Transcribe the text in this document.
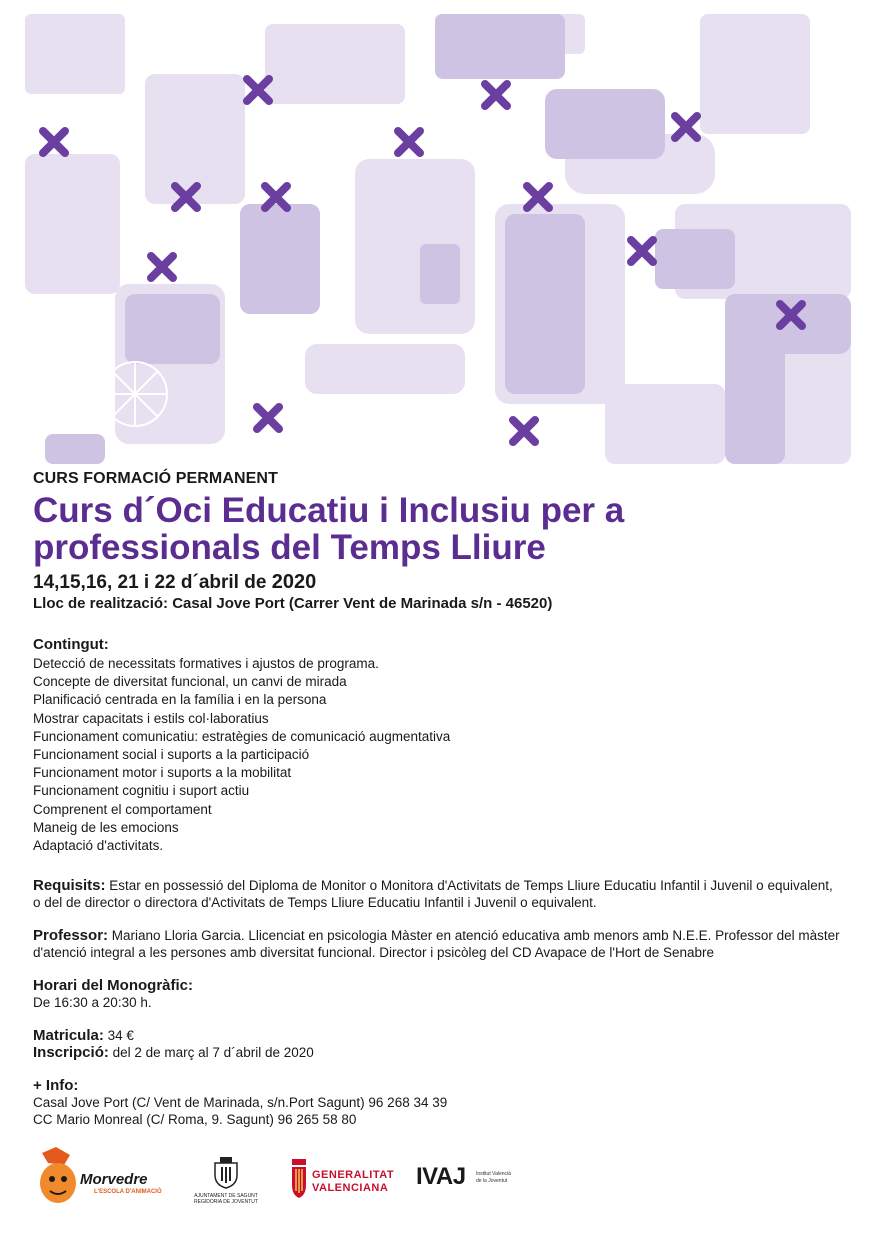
CURS FORMACIÓ PERMANENT

Curs d´Oci Educatiu i Inclusiu per a
professionals del Temps Lliure
14,15,16, 21 i 22 d´abril de 2020
Lloc de realització: Casal Jove Port (Carrer Vent de Marinada s/n - 46520)
Contingut:
Detecció de necessitats formatives i ajustos de programa.
Concepte de diversitat funcional, un canvi de mirada
Planificació centrada en la família i en la persona
Mostrar capacitats i estils col·laboratius
Funcionament comunicatiu: estratègies de comunicació augmentativa
Funcionament social i suports a la participació
Funcionament motor i suports a la mobilitat
Funcionament cognitiu i suport actiu
Comprenent el comportament
Maneig de les emocions
Adaptació d'activitats.
Requisits: Estar en possessió del Diploma de Monitor o Monitora d'Activitats de Temps Lliure Educatiu Infantil i Juvenil o equivalent, o del de director o directora d'Activitats de Temps Lliure Educatiu Infantil i Juvenil o equivalent.
Professor: Mariano Lloria Garcia. Llicenciat en psicologia Màster en atenció educativa amb menors amb N.E.E. Professor del màster d'atenció integral a les persones amb diversitat funcional. Director i psicòleg del CD Avapace de l'Hort de Senabre
Horari del Monogràfic:
De 16:30 a 20:30 h.
Matricula: 34 €
Inscripció: del 2 de març al 7 d´abril de 2020
+ Info:
Casal Jove Port (C/ Vent de Marinada, s/n.Port Sagunt) 96 268 34 39
CC Mario Monreal (C/ Roma, 9. Sagunt) 96 265 58 80
Morvedre
L'ESCOLA D'ANIMACIÓ
AJUNTAMENT DE SAGUNT
REGIDORIA DE JOVENTUT
GENERALITAT
VALENCIANA IVAJ Institut Valencià
de la Joventut
